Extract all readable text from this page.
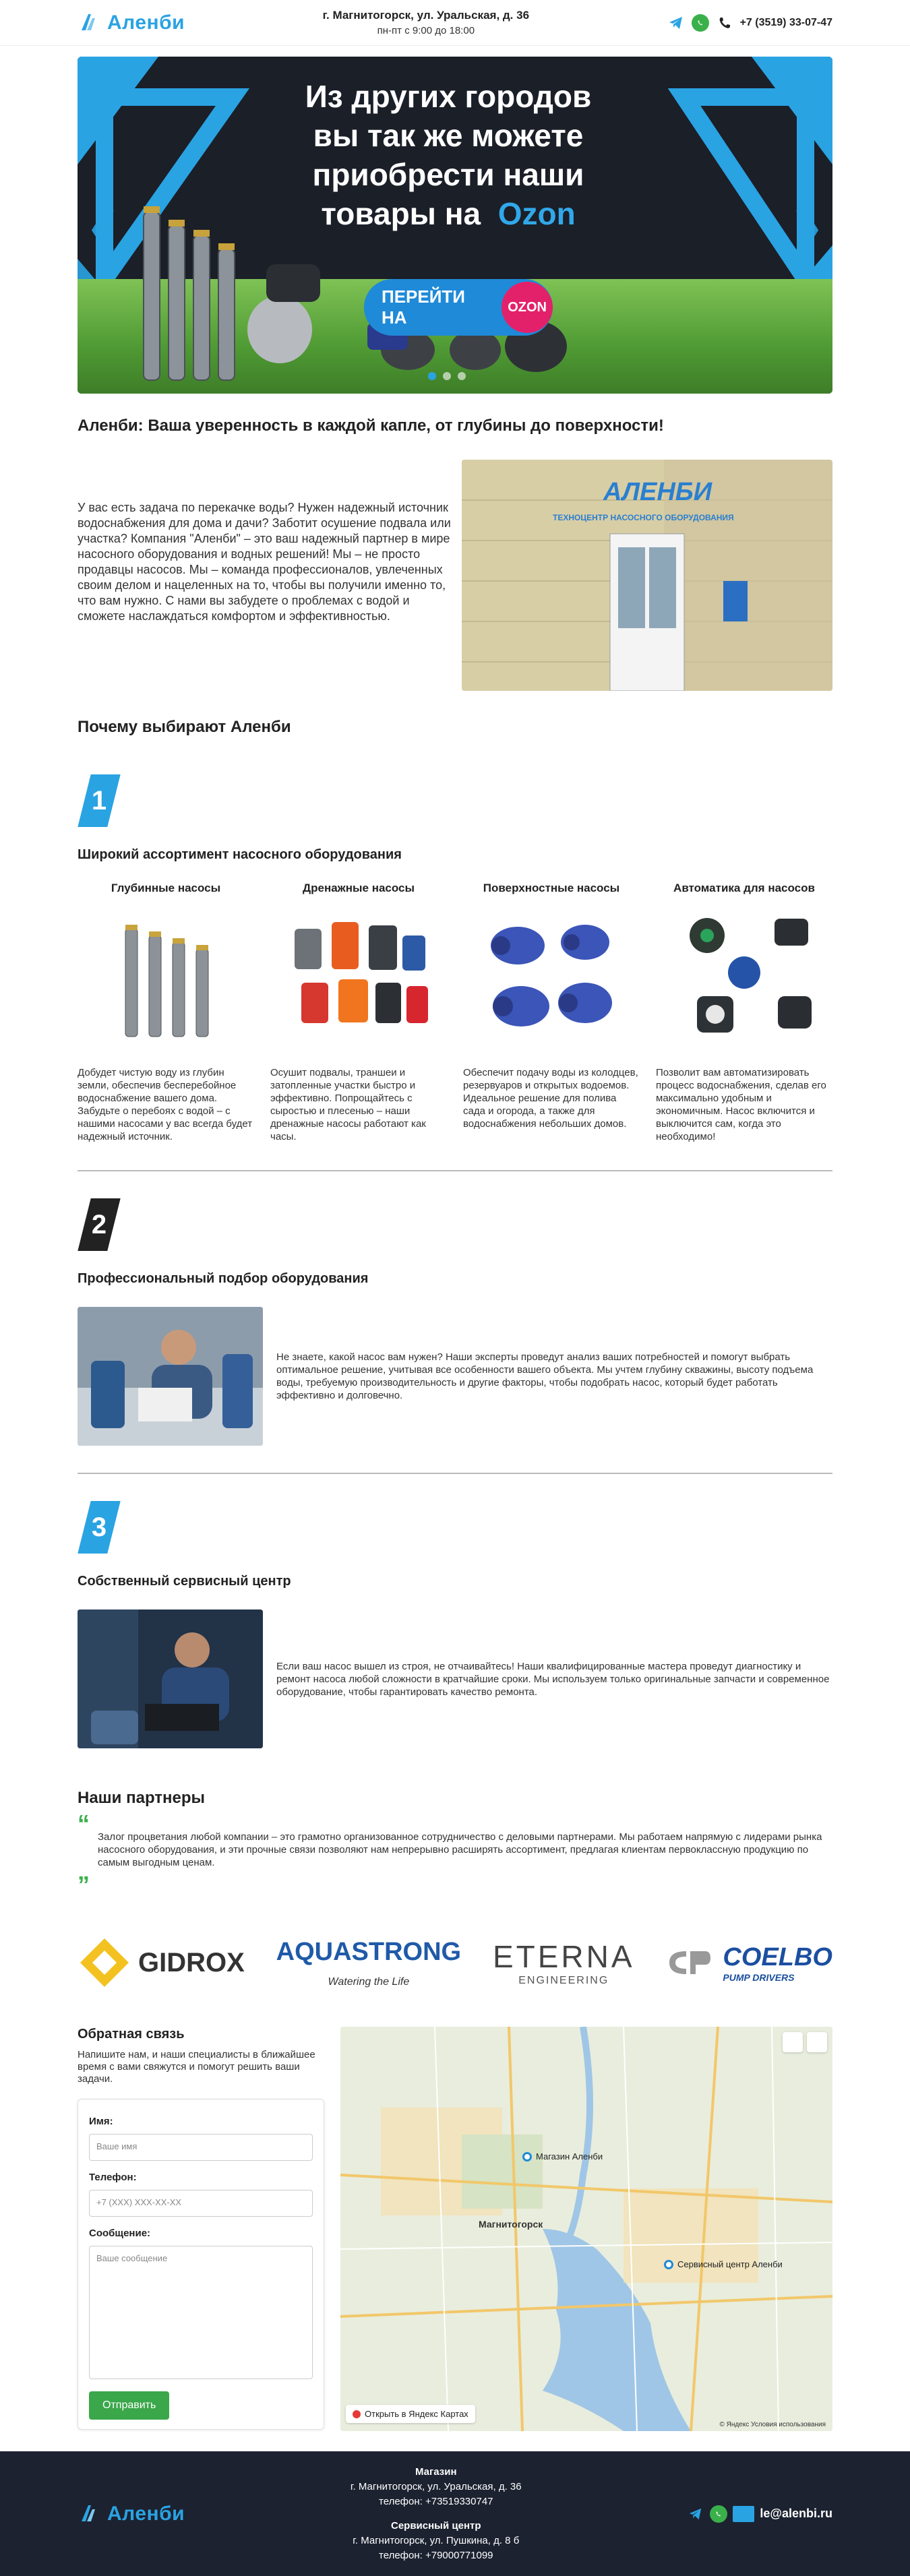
Аленби	г. Магнитогорск, ул. Уральская, д. 36
пн-пт с 9:00 до 18:00
+7 (3519) 33-07-47
Из других городов
вы так же можете
приобрести наши
товары на Ozon
ПЕРЕЙТИ НА
OZON
❮	❯
Аленби: Ваша уверенность в каждой капле, от глубины до поверхности!

У вас есть задача по перекачке воды? Нужен надежный источник водоснабжения для дома и дачи? Заботит осушение подвала или участка? Компания "Аленби" – это ваш надежный партнер в мире насосного оборудования и водных решений! Мы – не просто продавцы насосов. Мы – команда профессионалов, увлеченных своим делом и нацеленных на то, чтобы вы получили именно то, что вам нужно. С нами вы забудете о проблемах с водой и сможете наслаждаться комфортом и эффективностью.

АЛЕНБИ
ТЕХНОЦЕНТР НАСОСНОГО ОБОРУДОВАНИЯ
Почему выбирают Аленби
1
Широкий ассортимент насосного оборудования
Глубинные насосы

Добудет чистую воду из глубин земли, обеспечив бесперебойное водоснабжение вашего дома. Забудьте о перебоях с водой – с нашими насосами у вас всегда будет надежный источник.

Дренажные насосы

Осушит подвалы, траншеи и затопленные участки быстро и эффективно. Попрощайтесь с сыростью и плесенью – наши дренажные насосы работают как часы.

Поверхностные насосы

Обеспечит подачу воды из колодцев, резервуаров и открытых водоемов. Идеальное решение для полива сада и огорода, а также для водоснабжения небольших домов.

Автоматика для насосов

Позволит вам автоматизировать процесс водоснабжения, сделав его максимально удобным и экономичным. Насос включится и выключится сам, когда это необходимо!

2
Профессиональный подбор оборудования

Не знаете, какой насос вам нужен? Наши эксперты проведут анализ ваших потребностей и помогут выбрать оптимальное решение, учитывая все особенности вашего объекта. Мы учтем глубину скважины, высоту подъема воды, требуемую производительность и другие факторы, чтобы подобрать насос, который будет работать эффективно и долговечно.

3
Собственный сервисный центр

Если ваш насос вышел из строя, не отчаивайтесь! Наши квалифицированные мастера проведут диагностику и ремонт насоса любой сложности в кратчайшие сроки. Мы используем только оригинальные запчасти и современное оборудование, чтобы гарантировать качество ремонта.

Наши партнеры
“ Залог процветания любой компании – это грамотно организованное сотрудничество с деловыми партнерами. Мы работаем напрямую с лидерами рынка насосного оборудования, и эти прочные связи позволяют нам непрерывно расширять ассортимент, предлагая клиентам первоклассную продукцию по самым выгодным ценам.

”
GIDROX AQUASTRONG
Watering the Life
ETERNA
ENGINEERING
COELBO
PUMP DRIVERS
Обратная связь
Напишите нам, и наши специалисты в ближайшее время с вами свяжутся и помогут решить ваши задачи.
Имя:
Ваше имя
Телефон:
+7 (XXX) XXX-XX-XX
Сообщение:
Ваше сообщение
Отправить
Магазин Аленби
Сервисный центр Аленби
Магнитогорск
Открыть в Яндекс Картах
© Яндекс Условия использования
Аленби
Магазин
г. Магнитогорск, ул. Уральская, д. 36
телефон: +73519330747
Сервисный центр
г. Магнитогорск, ул. Пушкина, д. 8 б
телефон: +79000771099
le@alenbi.ru
